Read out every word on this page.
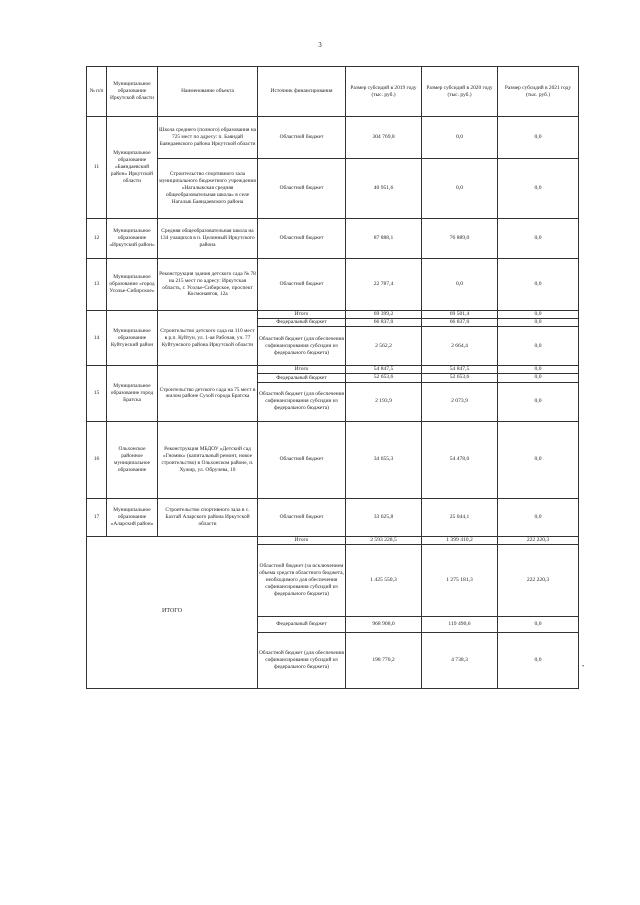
3
№ п/п	Муниципальное образование Иркутской области	Наименование объекта	Источник финансирования	Размер субсидий в 2019 году (тыс. руб.)	Размер субсидий в 2020 году (тыс. руб.)	Размер субсидий в 2021 году (тыс. руб.)
11	Муниципальное образование «Баяндаевский район» Иркутской области	Школа среднего (полного) образования на 725 мест по адресу: п. Баяндай Баяндаевского района Иркутской области	Областной бюджет	304 769,8	0,0	0,0
		Строительство спортивного зала муниципального бюджетного учреждения «Нагалыкская средняя общеобразовательная школа» в селе Нагалык Баяндаевского района	Областной бюджет	40 951,6	0,0	0,0
12	Муниципальное образование «Иркутский район»	Средняя общеобразовательная школа на 134 учащихся в п. Целинный Иркутского района	Областной бюджет	87 888,1	76 889,0	0,0
13	Муниципальное образование «город Усолье-Сибирское»	Реконструкция здания детского сада № 78 на 215 мест по адресу: Иркутская область, г. Усолье-Сибирское, проспект Космонавтов, 12а	Областной бюджет	22 787,4	0,0	0,0
14	Муниципальное образование Куйтунский район	Строительство детского сада на 110 мест в р.п. Куйтун, ул. 1-ая Рабочая, уч. 77 Куйтунского района Иркутской области	Итого	69 399,2	69 501,4	0,0
			Федеральный бюджет	66 837,0	66 837,0	0,0
			Областной бюджет (для обеспечения софинансирования субсидии из федерального бюджета)	2 562,2	2 664,4	0,0
15	Муниципальное образование город Братска	Строительство детского сада на 75 мест в жилом районе Сухой города Братска	Итого	54 847,5	54 847,5	0,0
			Федеральный бюджет	52 653,6	52 653,6	0,0
			Областной бюджет (для обеспечения софинансирования субсидии из федерального бюджета)	2 193,9	2 073,9	0,0
16	Ольхонское районное муниципальное образование	Реконструкция МБДОУ «Детский сад «Гномик» (капитальный ремонт, новое строительство) в Ольхонском районе, п. Хужир, ул. Обручева, 10	Областной бюджет	34 655,3	54 478,0	0,0
17	Муниципальное образование «Аларский район»	Строительство спортивного зала в с. Бахтай Аларского района Иркутской области	Областной бюджет	33 625,8	25 044,1	0,0
ИТОГО			Итого	2 593 228,5	1 399 410,2	222 220,3
			Областной бюджет (за исключением объема средств областного бюджета, необходимого для обеспечения софинансирования субсидий из федерального бюджета)	1 425 550,3	1 275 181,3	222 220,3
			Федеральный бюджет	968 908,0	119 490,6	0,0
			Областной бюджет (для обеспечения софинансирования субсидий из федерального бюджета)	198 770,2	4 738,3	0,0
•
